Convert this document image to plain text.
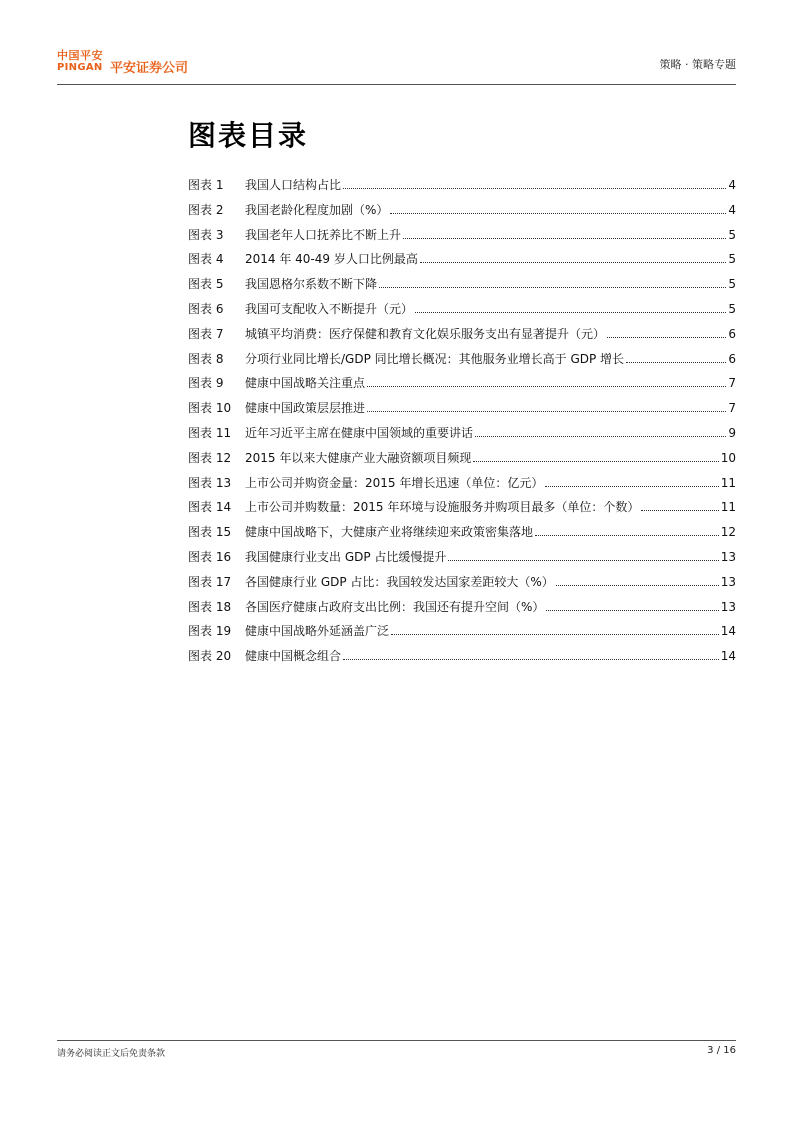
中国平安
PINGAN 平安证券公司	策略 · 策略专题
图表目录
图表 1	我国人口结构占比	4
图表 2	我国老龄化程度加剧（%）	4
图表 3	我国老年人口抚养比不断上升	5
图表 4	2014 年 40-49 岁人口比例最高	5
图表 5	我国恩格尔系数不断下降	5
图表 6	我国可支配收入不断提升（元）	5
图表 7	城镇平均消费：医疗保健和教育文化娱乐服务支出有显著提升（元）	6
图表 8	分项行业同比增长/GDP 同比增长概况：其他服务业增长高于 GDP 增长	6
图表 9	健康中国战略关注重点	7
图表 10	健康中国政策层层推进	7
图表 11	近年习近平主席在健康中国领域的重要讲话	9
图表 12	2015 年以来大健康产业大融资额项目频现	10
图表 13	上市公司并购资金量：2015 年增长迅速（单位：亿元）	11
图表 14	上市公司并购数量：2015 年环境与设施服务并购项目最多（单位：个数）	11
图表 15	健康中国战略下，大健康产业将继续迎来政策密集落地	12
图表 16	我国健康行业支出 GDP 占比缓慢提升	13
图表 17	各国健康行业 GDP 占比：我国较发达国家差距较大（%）	13
图表 18	各国医疗健康占政府支出比例：我国还有提升空间（%）	13
图表 19	健康中国战略外延涵盖广泛	14
图表 20	健康中国概念组合	14
请务必阅读正文后免责条款	3 / 16
